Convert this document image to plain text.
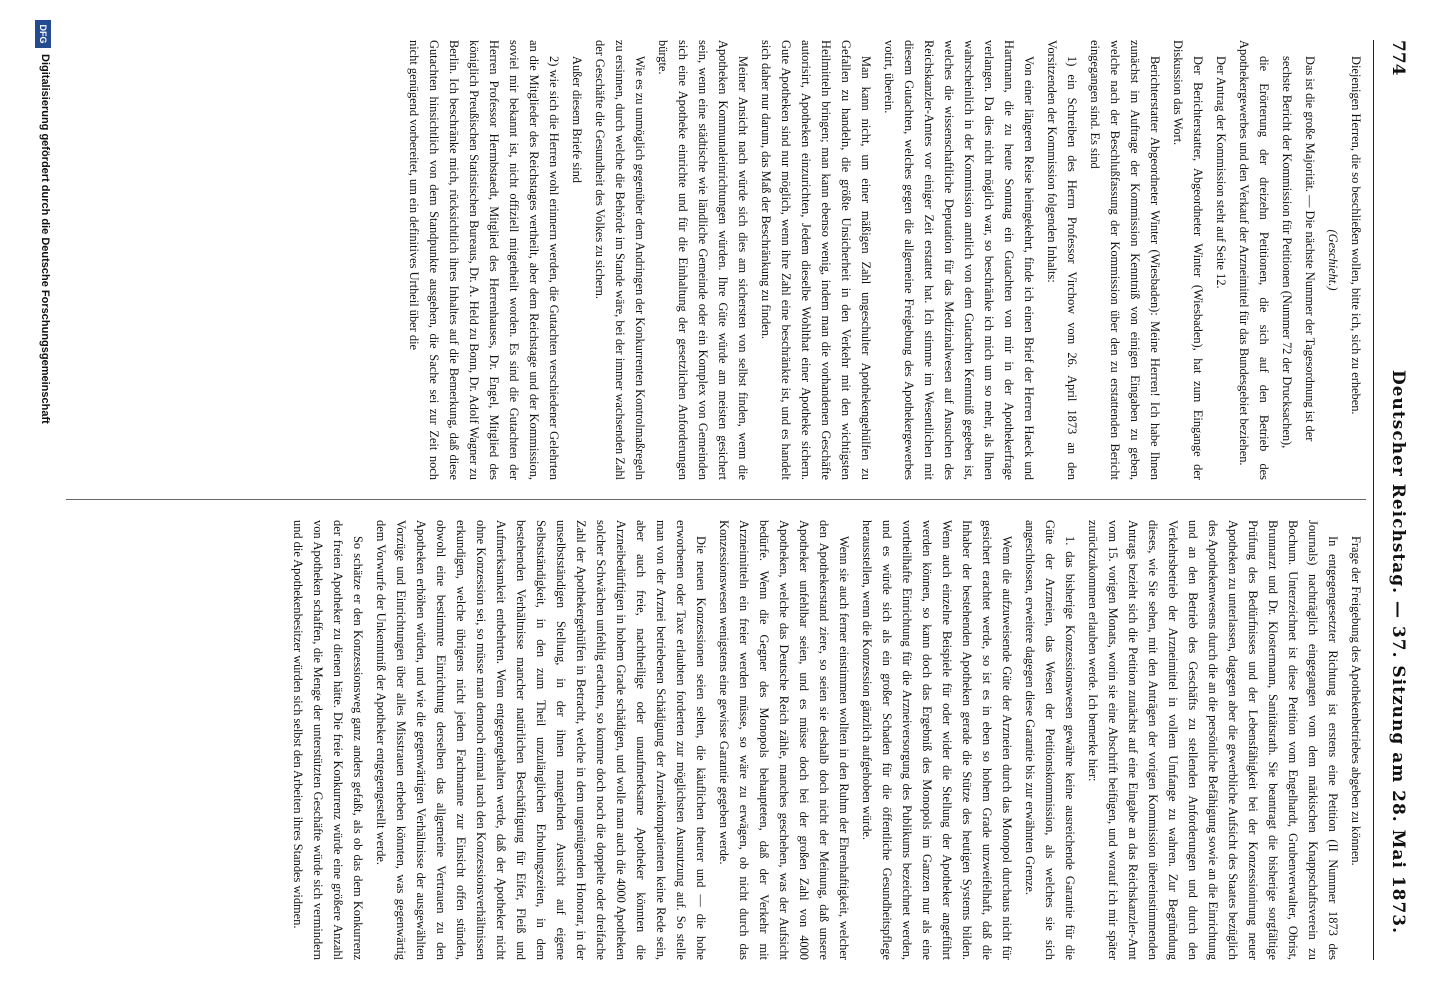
774
Deutscher Reichstag. — 37. Sitzung am 28. Mai 1873.

Diejenigen Herren, die so beschließen wollen, bitte ich, sich zu erheben.

(Geschieht.)

Das ist die große Majorität. — Die nächste Nummer der Tagesordnung ist der

sechste Bericht der Kommission für Petitionen (Nummer 72 der Drucksachen),

die Erörterung der dreizehn Petitionen, die sich auf den Betrieb des Apothekergewerbes und den Verkauf der Arzneimittel für das Bundesgebiet beziehen.

Der Antrag der Kommission steht auf Seite 12.

Der Berichterstatter, Abgeordneter Winter (Wiesbaden), hat zum Eingange der Diskussion das Wort.

Berichterstatter Abgeordneter Winter (Wiesbaden): Meine Herren! Ich habe Ihnen zunächst im Auftrage der Kommission Kenntniß von einigen Eingaben zu geben, welche nach der Beschlußfassung der Kommission über den zu erstattenden Bericht eingegangen sind. Es sind

1) ein Schreiben des Herrn Professor Virchow vom 26. April 1873 an den Vorsitzenden der Kommission folgenden Inhalts:

Von einer längeren Reise heimgekehrt, finde ich einen Brief der Herren Haeck und Hartmann, die zu heute Sonntag ein Gutachten von mir in der Apothekerfrage verlangen. Da dies nicht möglich war, so beschränke ich mich um so mehr, als Ihnen wahrscheinlich in der Kommission amtlich von dem Gutachten Kenntniß gegeben ist, welches die wissenschaftliche Deputation für das Medizinalwesen auf Ansuchen des Reichskanzler-Amtes vor einiger Zeit erstattet hat. Ich stimme im Wesentlichen mit diesem Gutachten, welches gegen die allgemeine Freigebung des Apothekergewerbes votirt, überein.

Man kann nicht, um einer mäßigen Zahl ungeschulter Apothekengehülfen zu Gefallen zu handeln, die größte Unsicherheit in den Verkehr mit den wichtigsten Heilmitteln bringen; man kann ebenso wenig, indem man die vorhandenen Geschäfte autorisirt, Apotheken einzurichten, Jedem dieselbe Wohlthat einer Apotheke sichern. Gute Apotheken sind nur möglich, wenn ihre Zahl eine beschränkte ist, und es handelt sich daher nur darum, das Maß der Beschränkung zu finden.

Meiner Ansicht nach würde sich dies am sichersten von selbst finden, wenn die Apotheken Kommunaleinrichtungen würden. Ihre Güte würde am meisten gesichert sein, wenn eine städtische wie ländliche Gemeinde oder ein Komplex von Gemeinden sich eine Apotheke einrichte und für die Einhaltung der gesetzlichen Anforderungen bürgte.

Wie es zu unmöglich gegenüber dem Andringen der Konkurrenten Kontrolmaßregeln zu ersinnen, durch welche die Behörde im Stande wäre, bei der immer wachsenden Zahl der Geschäfte die Gesundheit des Volkes zu sichern.

Außer diesem Briefe sind

2) wie sich die Herren wohl erinnern werden, die Gutachten verschiedener Gelehrten an die Mitglieder des Reichstages vertheilt, aber dem Reichstage und der Kommission, soviel mir bekannt ist, nicht offiziell mitgetheilt worden. Es sind die Gutachten der Herren Professor Hermbstaedt, Mitglied des Herrenhauses, Dr. Engel, Mitglied des königlich Preußischen Statistischen Bureaus, Dr. A. Held zu Bonn, Dr. Adolf Wagner zu Berlin. Ich beschränke mich, rücksichtlich ihres Inhaltes auf die Bemerkung, daß diese Gutachten hinsichtlich von dem Standpunkte ausgehen, die Sache sei zur Zeit noch nicht genügend vorbereitet, um ein definitives Urtheil über die

Frage der Freigebung des Apothekenbetriebes abgeben zu können.

In entgegengesetzter Richtung ist erstens eine Petition (II Nummer 1873 des Journals) nachträglich eingegangen vom dem märkischen Knappschaftsverein zu Bochum. Unterzeichnet ist diese Petition vom Engelhardt, Grubenverwalter, Obrist, Brunnarzt und Dr. Klostermann, Sanitätsrath. Sie beantragt die bisherige sorgfältige Prüfung des Bedürfnisses und der Lebensfähigkeit bei der Konzessionirung neuer Apotheken zu unterlassen, dagegen aber die gewerbliche Aufsicht des Staates bezüglich des Apothekenwesens durch die an die persönliche Befähigung sowie an die Einrichtung und an den Betrieb des Geschäfts zu stellenden Anforderungen und durch den Verkehrsbetrieb der Arzneimittel in vollem Umfange zu wahren. Zur Begründung dieses, wie Sie sehen, mit den Anträgen der vorigen Kommission übereinstimmenden Antrags bezieht sich die Petition zunächst auf eine Eingabe an das Reichskanzler-Amt vom 15. vorigen Monats, worin sie eine Abschrift beifügen, und worauf ich mir später zurückzukommen erlauben werde. Ich bemerke hier:

1. das bisherige Konzessionswesen gewähre keine ausreichende Garantie für die Güte der Arzneien, das Wesen der Petitionskommission, als welches sie sich angeschlossen, erweitere dagegen diese Garantie bis zur erwähnten Grenze.

Wenn die aufzuweisende Güte der Arzneien durch das Monopol durchaus nicht für gesichert erachtet werde, so ist es in eben so hohem Grade unzweifelhaft, daß die Inhaber der bestehenden Apotheken gerade die Stütze des heutigen Systems bilden. Wenn auch einzelne Beispiele für oder wider die Stellung der Apotheker angeführt werden können, so kann doch das Ergebniß des Monopols im Ganzen nur als eine vortheilhafte Einrichtung für die Arzneiversorgung des Publikums bezeichnet werden, und es würde sich als ein großer Schaden für die öffentliche Gesundheitspflege herausstellen, wenn die Konzession gänzlich aufgehoben würde.

Wenn sie auch ferner einstimmen wollten in den Ruhm der Ehrenhaftigkeit, welcher den Apothekerstand ziere, so seien sie deshalb doch nicht der Meinung, daß unsere Apotheker unfehlbar seien, und es müsse doch bei der großen Zahl von 4000 Apotheken, welche das Deutsche Reich zähle, manches geschehen, was der Aufsicht bedürfe. Wenn die Gegner des Monopols behaupteten, daß der Verkehr mit Arzneimitteln ein freier werden müsse, so wäre zu erwägen, ob nicht durch das Konzessionswesen wenigstens eine gewisse Garantie gegeben werde.

Die neuen Konzessionen seien selten, die käuflichen theurer und — die hohe erworbenen oder Taxe erlaubten forderten zur möglichsten Ausnutzung auf. So stelle man von der Arznei betriebenen Schädigung der Arzneikompatienten keine Rede sein, aber auch freie, nachtheilige oder unaufmerksame Apotheker könnten die Arzneibedürftigen in hohem Grade schädigen, und wolle man auch die 4000 Apotheken solcher Schwächen unfehlig erachten, so komme doch noch die doppelte oder dreifache Zahl der Apothekergehülfen in Betracht, welche in dem ungenügenden Honorar, in der unselbstständigen Stellung, in der ihnen mangelnden Aussicht auf eigene Selbstständigkeit, in den zum Theil unzulänglichen Erholungszeiten, in dem bestehenden Verhältnisse mancher natürlichen Beschäftigung für Eifer, Fleiß und Aufmerksamkeit entbehrten. Wenn entgegengehalten werde, daß der Apotheker nicht ohne Konzession sei, so müsse man dennoch einmal nach den Konzessionsverhältnissen erkundigen, welche übrigens nicht jedem Fachmanne zur Einsicht offen stünden, obwohl eine bestimmte Einrichtung derselben das allgemeine Vertrauen zu den Apotheken erhöhen würden, und wie die gegenwärtigen Verhältnisse der ausgewählten Vorzüge und Einrichtungen über alles Misstrauen erheben könnten, was gegenwärtig dem Vorwurfe der Unkenntniß der Apotheker entgegengestellt werde.

So schätze er den Konzessionsweg ganz anders gefaßt, als ob das dem Konkurrenz der freien Apotheker zu dienen hätte. Die freie Konkurrenz würde eine größere Anzahl von Apotheken schaffen, die Menge der unterstützten Geschäfte würde sich vermindern und die Apothekenbesitzer würden sich selbst den Arbeiten ihres Standes widmen.

DFG
Digitalisierung gefördert durch die Deutsche Forschungsgemeinschaft
